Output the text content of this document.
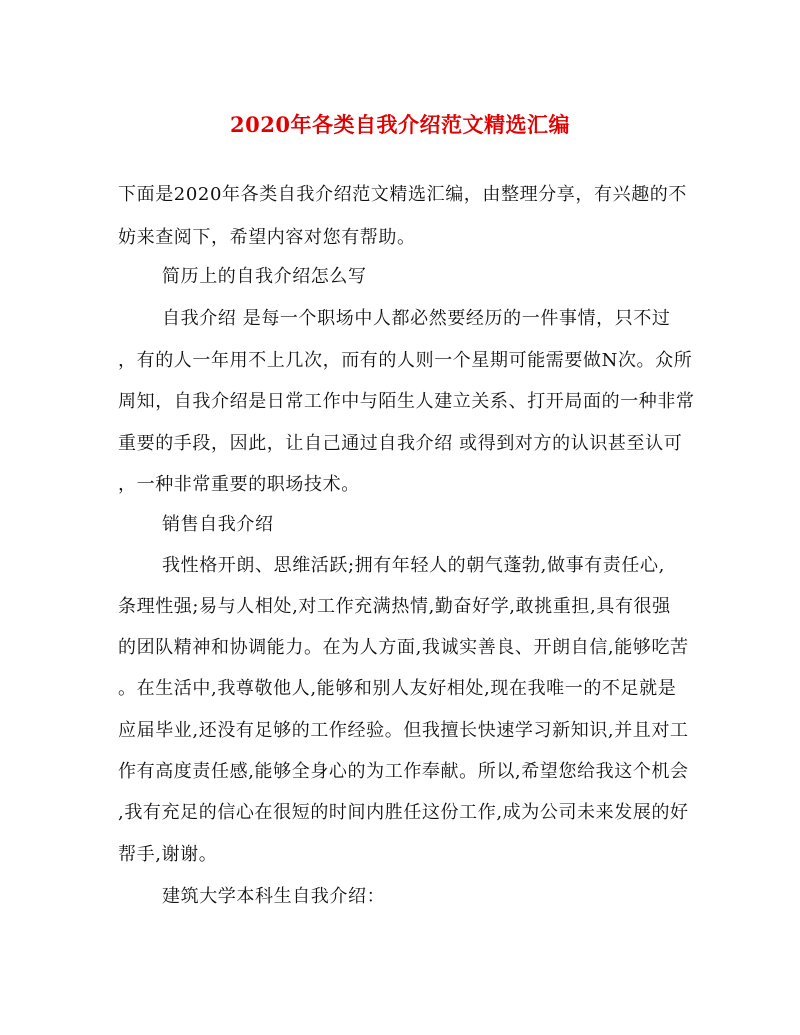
2020年各类自我介绍范文精选汇编
下面是2020年各类自我介绍范文精选汇编，由整理分享，有兴趣的不
妨来查阅下，希望内容对您有帮助。
简历上的自我介绍怎么写
自我介绍 是每一个职场中人都必然要经历的一件事情，只不过
，有的人一年用不上几次，而有的人则一个星期可能需要做N次。众所
周知，自我介绍是日常工作中与陌生人建立关系、打开局面的一种非常
重要的手段，因此，让自己通过自我介绍 或得到对方的认识甚至认可
，一种非常重要的职场技术。
销售自我介绍
我性格开朗、思维活跃;拥有年轻人的朝气蓬勃,做事有责任心,
条理性强;易与人相处,对工作充满热情,勤奋好学,敢挑重担,具有很强
的团队精神和协调能力。在为人方面,我诚实善良、开朗自信,能够吃苦
。在生活中,我尊敬他人,能够和别人友好相处,现在我唯一的不足就是
应届毕业,还没有足够的工作经验。但我擅长快速学习新知识,并且对工
作有高度责任感,能够全身心的为工作奉献。所以,希望您给我这个机会
,我有充足的信心在很短的时间内胜任这份工作,成为公司未来发展的好
帮手,谢谢。
建筑大学本科生自我介绍：
